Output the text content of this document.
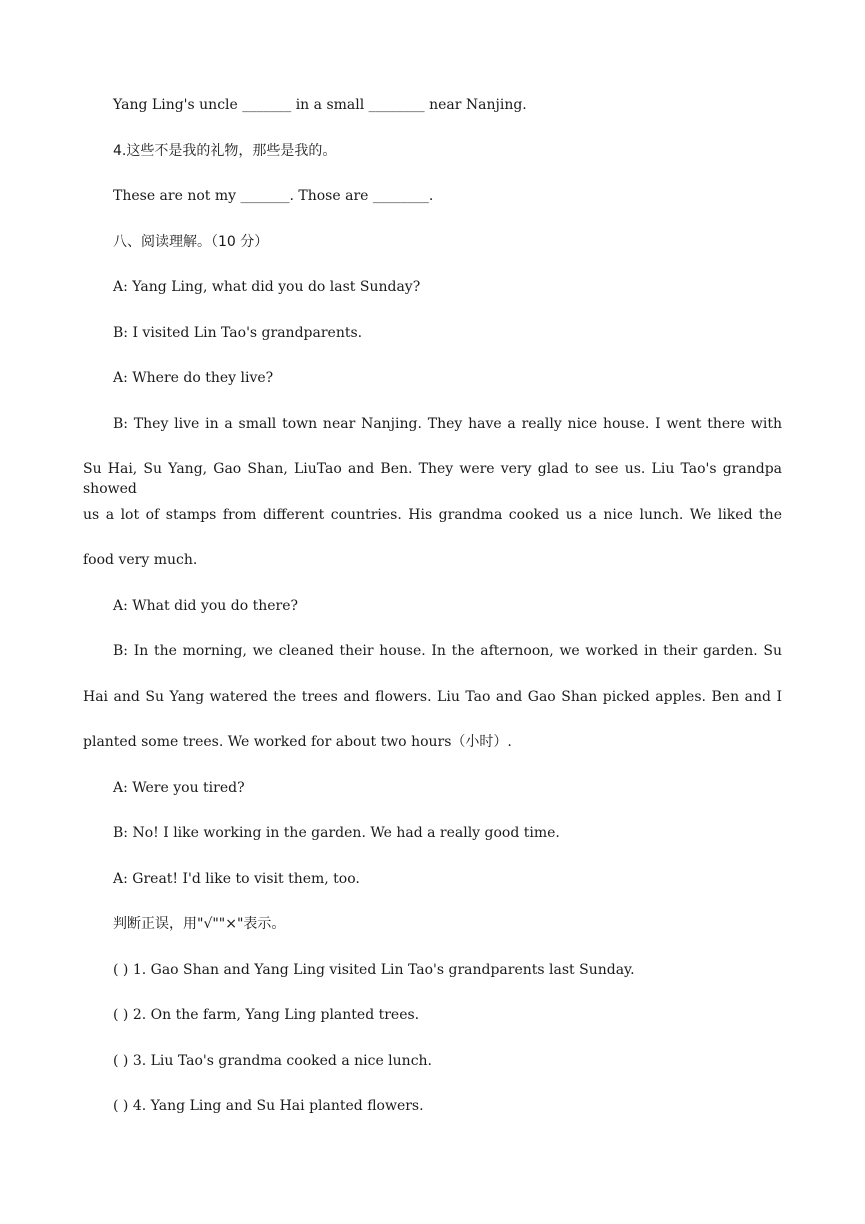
Yang Ling's uncle _______ in a small ________ near Nanjing.
4.这些不是我的礼物，那些是我的。
These are not my _______. Those are ________.
八、阅读理解。（10 分）
A: Yang Ling, what did you do last Sunday?
B: I visited Lin Tao's grandparents.
A: Where do they live?
B: They live in a small town near Nanjing. They have a really nice house. I went there with
Su Hai, Su Yang, Gao Shan, LiuTao and Ben. They were very glad to see us. Liu Tao's grandpa showed
us a lot of stamps from different countries. His grandma cooked us a nice lunch. We liked the
food very much.
A: What did you do there?
B: In the morning, we cleaned their house. In the afternoon, we worked in their garden. Su
Hai and Su Yang watered the trees and flowers. Liu Tao and Gao Shan picked apples. Ben and I
planted some trees. We worked for about two hours（小时）.
A: Were you tired?
B: No! I like working in the garden. We had a really good time.
A: Great! I'd like to visit them, too.
判断正误，用"√""×"表示。
( ) 1. Gao Shan and Yang Ling visited Lin Tao's grandparents last Sunday.
( ) 2. On the farm, Yang Ling planted trees.
( ) 3. Liu Tao's grandma cooked a nice lunch.
( ) 4. Yang Ling and Su Hai planted flowers.
